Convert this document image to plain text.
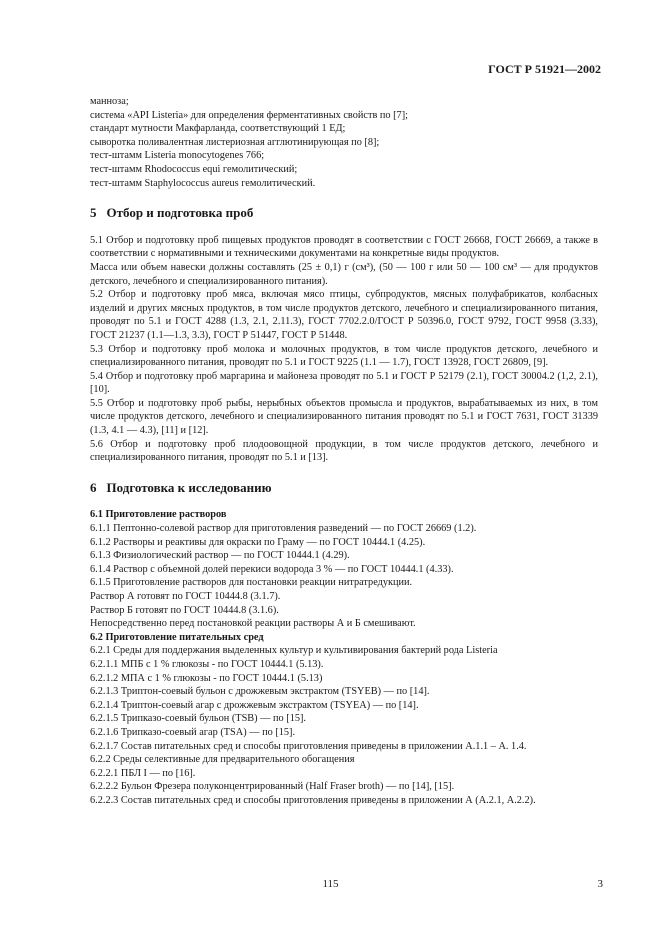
ГОСТ Р 51921—2002

манноза;

система «API Listeria» для определения ферментативных свойств по [7];

стандарт мутности Макфарланда, соответствующий 1 ЕД;

сыворотка поливалентная листериозная агглютинирующая по [8];

тест-штамм Listeria monocytogenes 766;

тест-штамм Rhodococcus equi гемолитический;

тест-штамм Staphylococcus aureus гемолитический.

5 Отбор и подготовка проб

5.1 Отбор и подготовку проб пищевых продуктов проводят в соответствии с ГОСТ 26668, ГОСТ 26669, а также в соответствии с нормативными и техническими документами на конкретные виды продуктов.

Масса или объем навески должны составлять (25 ± 0,1) г (см³), (50 — 100 г или 50 — 100 см³ — для продуктов детского, лечебного и специализированного питания).

5.2 Отбор и подготовку проб мяса, включая мясо птицы, субпродуктов, мясных полуфабрикатов, колбасных изделий и других мясных продуктов, в том числе продуктов детского, лечебного и специализированного питания, проводят по 5.1 и ГОСТ 4288 (1.3, 2.1, 2.11.3), ГОСТ 7702.2.0/ГОСТ Р 50396.0, ГОСТ 9792, ГОСТ 9958 (3.33), ГОСТ 21237 (1.1—1.3, 3.3), ГОСТ Р 51447, ГОСТ Р 51448.

5.3 Отбор и подготовку проб молока и молочных продуктов, в том числе продуктов детского, лечебного и специализированного питания, проводят по 5.1 и ГОСТ 9225 (1.1 — 1.7), ГОСТ 13928, ГОСТ 26809, [9].

5.4 Отбор и подготовку проб маргарина и майонеза проводят по 5.1 и ГОСТ Р 52179 (2.1), ГОСТ 30004.2 (1,2, 2.1), [10].

5.5 Отбор и подготовку проб рыбы, нерыбных объектов промысла и продуктов, вырабатываемых из них, в том числе продуктов детского, лечебного и специализированного питания проводят по 5.1 и ГОСТ 7631, ГОСТ 31339 (1.3, 4.1 — 4.3), [11] и [12].

5.6 Отбор и подготовку проб плодоовощной продукции, в том числе продуктов детского, лечебного и специализированного питания, проводят по 5.1 и [13].

6 Подготовка к исследованию

6.1 Приготовление растворов

6.1.1 Пептонно-солевой раствор для приготовления разведений — по ГОСТ 26669 (1.2).

6.1.2 Растворы и реактивы для окраски по Граму — по ГОСТ 10444.1 (4.25).

6.1.3 Физиологический раствор — по ГОСТ 10444.1 (4.29).

6.1.4 Раствор с объемной долей перекиси водорода 3 % — по ГОСТ 10444.1 (4.33).

6.1.5 Приготовление растворов для постановки реакции нитратредукции.

Раствор А готовят по ГОСТ 10444.8 (3.1.7).

Раствор Б готовят по ГОСТ 10444.8 (3.1.6).

Непосредственно перед постановкой реакции растворы А и Б смешивают.

6.2 Приготовление питательных сред

6.2.1 Среды для поддержания выделенных культур и культивирования бактерий рода Listeria

6.2.1.1 МПБ с 1 % глюкозы - по ГОСТ 10444.1 (5.13).

6.2.1.2 МПА с 1 % глюкозы - по ГОСТ 10444.1 (5.13)

6.2.1.3 Триптон-соевый бульон с дрожжевым экстрактом (TSYEB) — по [14].

6.2.1.4 Триптон-соевый агар с дрожжевым экстрактом (TSYEA) — по [14].

6.2.1.5 Трипказо-соевый бульон (TSB) — по [15].

6.2.1.6 Трипказо-соевый агар (TSA) — по [15].

6.2.1.7 Состав питательных сред и способы приготовления приведены в приложении А.1.1 – А. 1.4.

6.2.2 Среды селективные для предварительного обогащения

6.2.2.1 ПБЛ I — по [16].

6.2.2.2 Бульон Фрезера полуконцентрированный (Half Fraser broth) — по [14], [15].

6.2.2.3 Состав питательных сред и способы приготовления приведены в приложении А (А.2.1, А.2.2).

115	3
